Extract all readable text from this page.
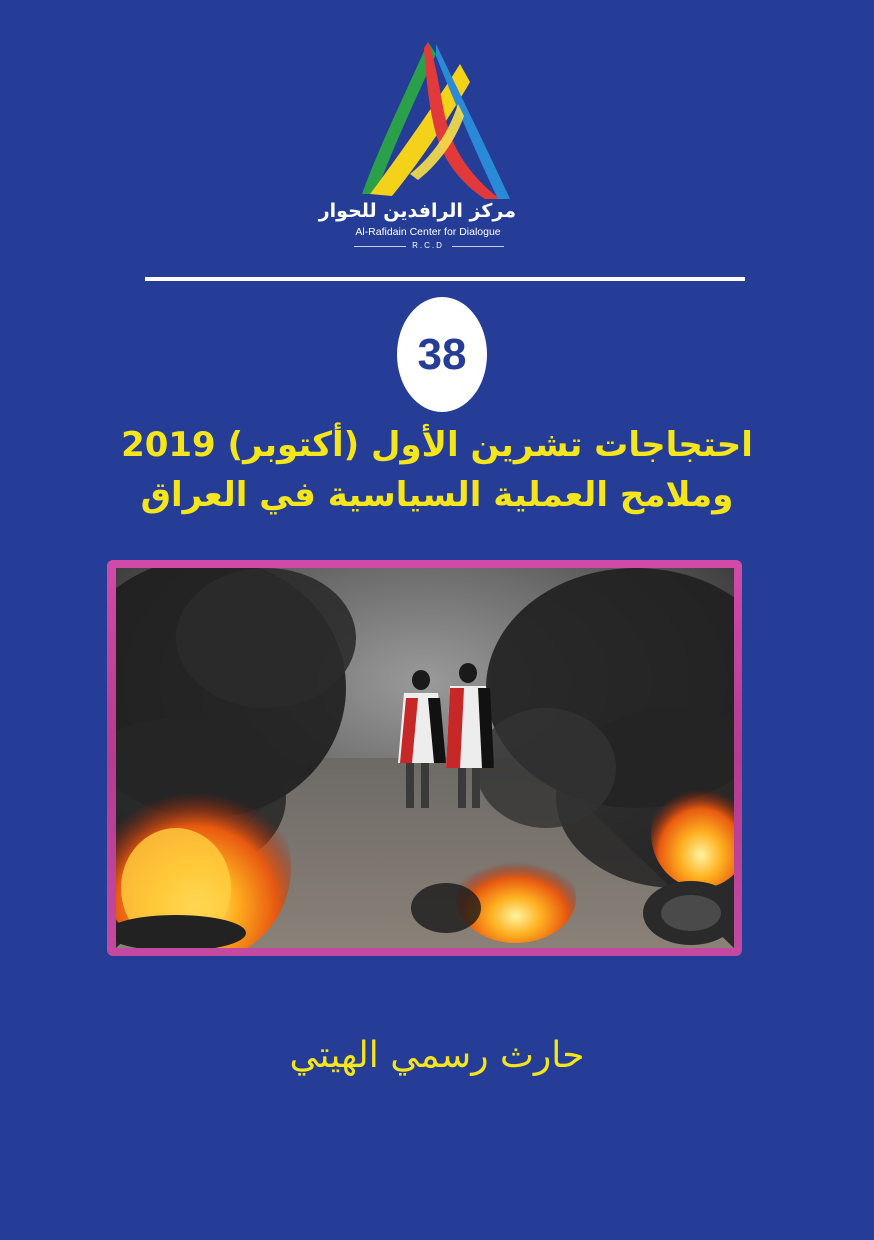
مركز الرافدين للحوار
Al-Rafidain Center for Dialogue
R.C.D
38
احتجاجات تشرين الأول (أكتوبر) 2019
وملامح العملية السياسية في العراق
حارث رسمي الهيتي
